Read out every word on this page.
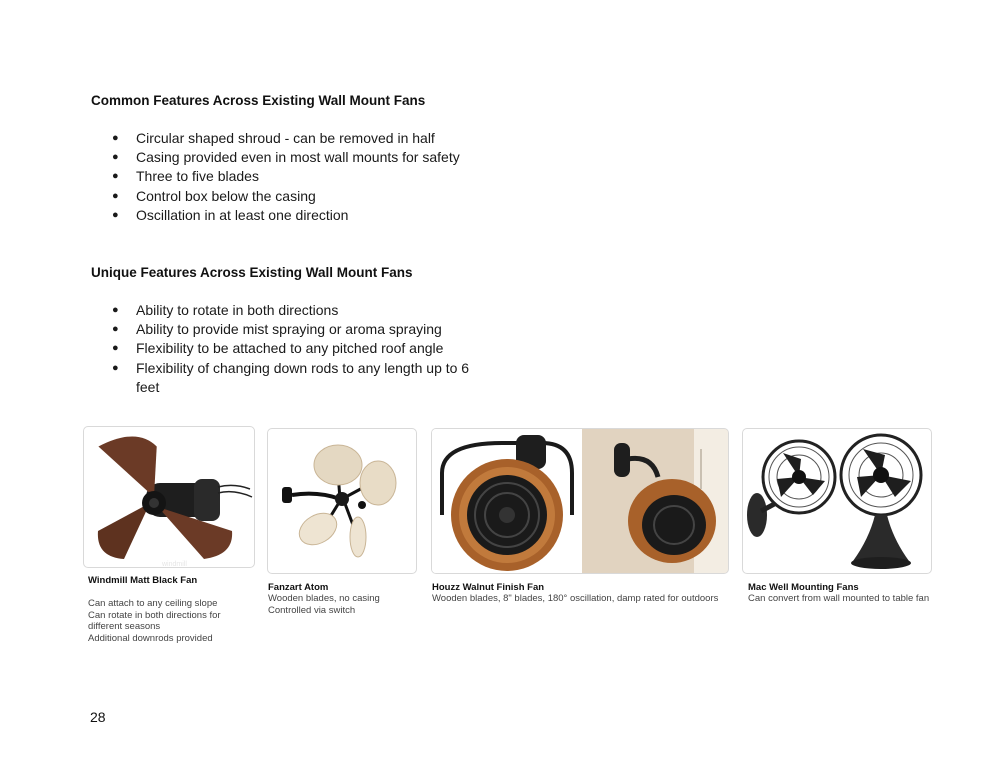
Common Features Across Existing Wall Mount Fans
● Circular shaped shroud - can be removed in half
● Casing provided even in most wall mounts for safety
● Three to five blades
● Control box below the casing
● Oscillation in at least one direction
Unique Features Across Existing Wall Mount Fans
● Ability to rotate in both directions
● Ability to provide mist spraying or aroma spraying
● Flexibility to be attached to any pitched roof angle
● Flexibility of changing down rods to any length up to 6 feet
windmill
Windmill Matt Black Fan
Can attach to any ceiling slope
Can rotate in both directions for
different seasons
Additional downrods provided
Fanzart Atom
Wooden blades, no casing
Controlled via switch
Houzz Walnut Finish Fan
Wooden blades, 8" blades, 180° oscillation, damp rated for outdoors
Mac Well Mounting Fans
Can convert from wall mounted to table fan
28
